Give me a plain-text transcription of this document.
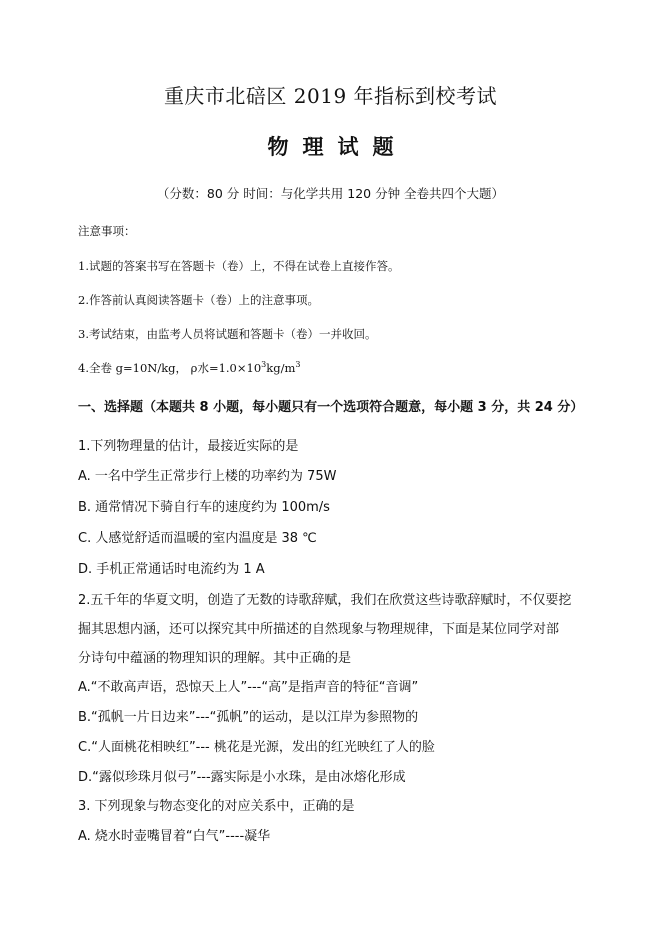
重庆市北碚区 2019 年指标到校考试
物理试题
（分数：80 分 时间：与化学共用 120 分钟 全卷共四个大题）
注意事项：
1.试题的答案书写在答题卡（卷）上，不得在试卷上直接作答。
2.作答前认真阅读答题卡（卷）上的注意事项。
3.考试结束，由监考人员将试题和答题卡（卷）一并收回。
4.全卷 g=10N/kg， ρ水$=1.0\times 10^3kg/m^3$
一、选择题（本题共 8 小题，每小题只有一个选项符合题意，每小题 3 分，共 24 分）
1.下列物理量的估计，最接近实际的是
A. 一名中学生正常步行上楼的功率约为 75W
B. 通常情况下骑自行车的速度约为 100m/s
C. 人感觉舒适而温暖的室内温度是 38 ℃
D. 手机正常通话时电流约为 1 A
2.五千年的华夏文明，创造了无数的诗歌辞赋，我们在欣赏这些诗歌辞赋时，不仅要挖
掘其思想内涵，还可以探究其中所描述的自然现象与物理规律，下面是某位同学对部
分诗句中蕴涵的物理知识的理解。其中正确的是
A.“不敢高声语，恐惊天上人”---“高”是指声音的特征“音调”
B.“孤帆一片日边来”---“孤帆”的运动，是以江岸为参照物的
C.“人面桃花相映红”--- 桃花是光源，发出的红光映红了人的脸
D.“露似珍珠月似弓”---露实际是小水珠，是由冰熔化形成
3. 下列现象与物态变化的对应关系中，正确的是
A. 烧水时壶嘴冒着“白气”----凝华
